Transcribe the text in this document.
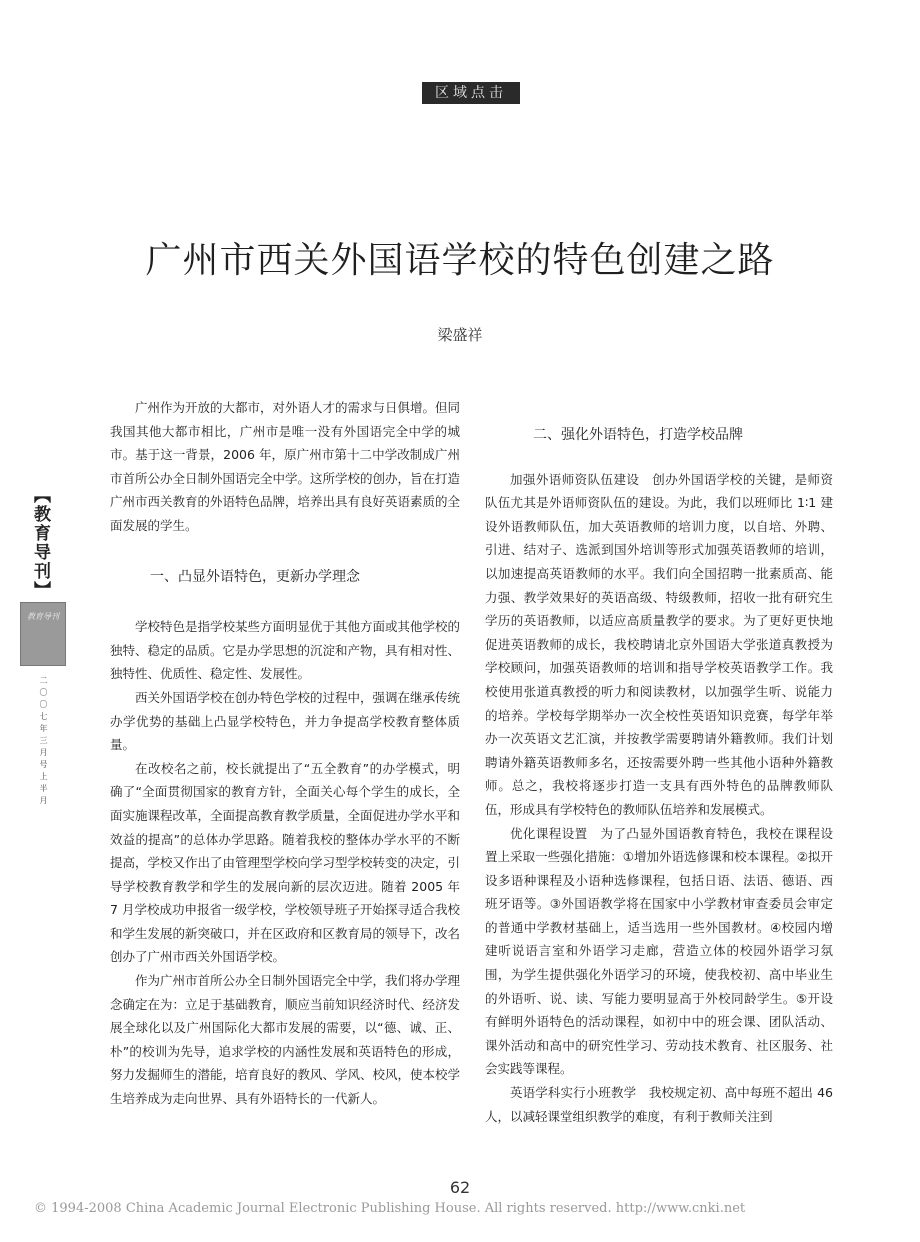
区域点击
广州市西关外国语学校的特色创建之路
梁盛祥
【教育导刊】
教育导刊
二〇〇七年三月号上半月

广州作为开放的大都市，对外语人才的需求与日俱增。但同我国其他大都市相比，广州市是唯一没有外国语完全中学的城市。基于这一背景，2006 年，原广州市第十二中学改制成广州市首所公办全日制外国语完全中学。这所学校的创办，旨在打造广州市西关教育的外语特色品牌，培养出具有良好英语素质的全面发展的学生。

一、凸显外语特色，更新办学理念

学校特色是指学校某些方面明显优于其他方面或其他学校的独特、稳定的品质。它是办学思想的沉淀和产物，具有相对性、独特性、优质性、稳定性、发展性。

西关外国语学校在创办特色学校的过程中，强调在继承传统办学优势的基础上凸显学校特色，并力争提高学校教育整体质量。

在改校名之前，校长就提出了“五全教育”的办学模式，明确了“全面贯彻国家的教育方针，全面关心每个学生的成长，全面实施课程改革，全面提高教育教学质量，全面促进办学水平和效益的提高”的总体办学思路。随着我校的整体办学水平的不断提高，学校又作出了由管理型学校向学习型学校转变的决定，引导学校教育教学和学生的发展向新的层次迈进。随着 2005 年 7 月学校成功申报省一级学校，学校领导班子开始探寻适合我校和学生发展的新突破口，并在区政府和区教育局的领导下，改名创办了广州市西关外国语学校。

作为广州市首所公办全日制外国语完全中学，我们将办学理念确定在为：立足于基础教育，顺应当前知识经济时代、经济发展全球化以及广州国际化大都市发展的需要，以“德、诚、正、朴”的校训为先导，追求学校的内涵性发展和英语特色的形成，努力发掘师生的潜能，培育良好的教风、学风、校风，使本校学生培养成为走向世界、具有外语特长的一代新人。

二、强化外语特色，打造学校品牌

加强外语师资队伍建设　创办外国语学校的关键，是师资队伍尤其是外语师资队伍的建设。为此，我们以班师比 1∶1 建设外语教师队伍，加大英语教师的培训力度，以自培、外聘、引进、结对子、选派到国外培训等形式加强英语教师的培训，以加速提高英语教师的水平。我们向全国招聘一批素质高、能力强、教学效果好的英语高级、特级教师，招收一批有研究生学历的英语教师，以适应高质量教学的要求。为了更好更快地促进英语教师的成长，我校聘请北京外国语大学张道真教授为学校顾问，加强英语教师的培训和指导学校英语教学工作。我校使用张道真教授的听力和阅读教材，以加强学生听、说能力的培养。学校每学期举办一次全校性英语知识竞赛，每学年举办一次英语文艺汇演，并按教学需要聘请外籍教师。我们计划聘请外籍英语教师多名，还按需要外聘一些其他小语种外籍教师。总之，我校将逐步打造一支具有西外特色的品牌教师队伍，形成具有学校特色的教师队伍培养和发展模式。

优化课程设置　为了凸显外国语教育特色，我校在课程设置上采取一些强化措施：①增加外语选修课和校本课程。②拟开设多语种课程及小语种选修课程，包括日语、法语、德语、西班牙语等。③外国语教学将在国家中小学教材审查委员会审定的普通中学教材基础上，适当选用一些外国教材。④校园内增建听说语言室和外语学习走廊，营造立体的校园外语学习氛围，为学生提供强化外语学习的环境，使我校初、高中毕业生的外语听、说、读、写能力要明显高于外校同龄学生。⑤开设有鲜明外语特色的活动课程，如初中中的班会课、团队活动、课外活动和高中的研究性学习、劳动技术教育、社区服务、社会实践等课程。

英语学科实行小班教学　我校规定初、高中每班不超出 46 人，以减轻课堂组织教学的难度，有利于教师关注到

62
© 1994-2008 China Academic Journal Electronic Publishing House. All rights reserved. http://www.cnki.net
